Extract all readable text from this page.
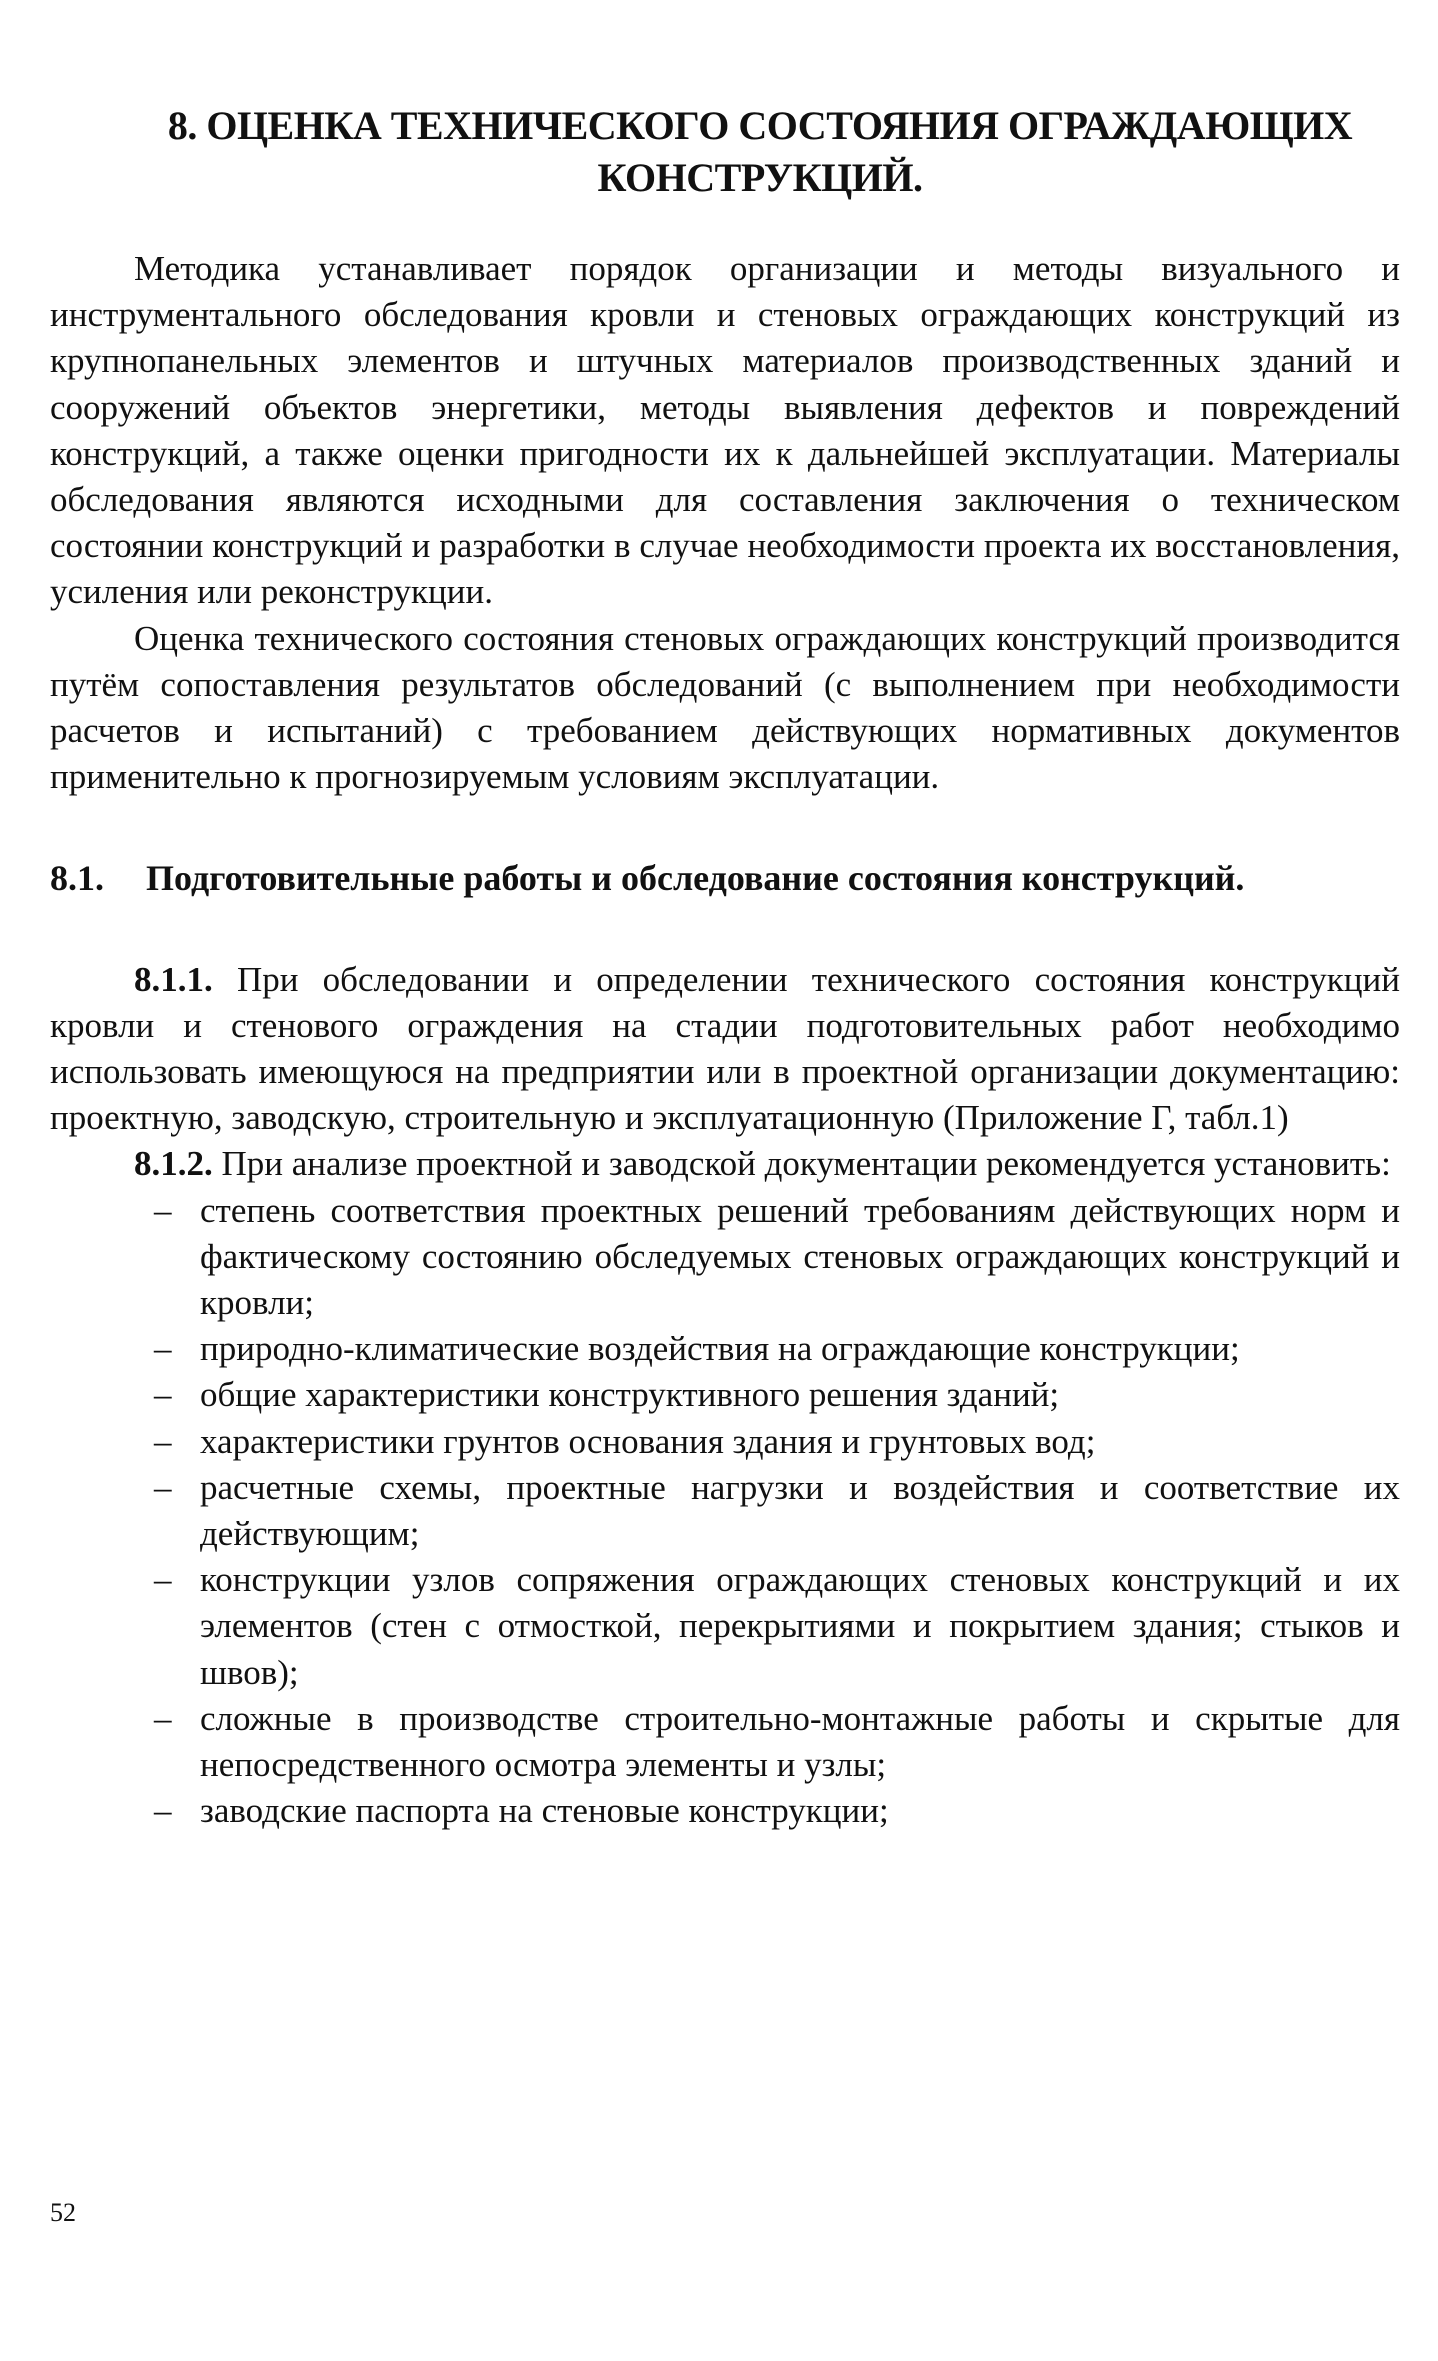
8. ОЦЕНКА ТЕХНИЧЕСКОГО СОСТОЯНИЯ ОГРАЖДАЮЩИХ
КОНСТРУКЦИЙ.

Методика устанавливает порядок организации и методы визуального и инструментального обследования кровли и стеновых ограждающих конструкций из крупнопанельных элементов и штучных материалов производственных зданий и сооружений объектов энергетики, методы выявления дефектов и повреждений конструкций, а также оценки пригодности их к дальнейшей эксплуатации. Материалы обследования являются исходными для составления заключения о техническом состоянии конструкций и разработки в случае необходимости проекта их восстановления, усиления или реконструкции.

Оценка технического состояния стеновых ограждающих конструкций производится путём сопоставления результатов обследований (с выполнением при необходимости расчетов и испытаний) с требованием действующих нормативных документов применительно к прогнозируемым условиям эксплуатации.

8.1. Подготовительные работы и обследование состояния конструкций.

8.1.1. При обследовании и определении технического состояния конструкций кровли и стенового ограждения на стадии подготовительных работ необходимо использовать имеющуюся на предприятии или в проектной организации документацию: проектную, заводскую, строительную и эксплуатационную (Приложение Г, табл.1)

8.1.2. При анализе проектной и заводской документации рекомендуется установить:

– степень соответствия проектных решений требованиям действующих норм и фактическому состоянию обследуемых стеновых ограждающих конструкций и кровли;
– природно-климатические воздействия на ограждающие конструкции;
– общие характеристики конструктивного решения зданий;
– характеристики грунтов основания здания и грунтовых вод;
– расчетные схемы, проектные нагрузки и воздействия и соответствие их действующим;
– конструкции узлов сопряжения ограждающих стеновых конструкций и их элементов (стен с отмосткой, перекрытиями и покрытием здания; стыков и швов);
– сложные в производстве строительно-монтажные работы и скрытые для непосредственного осмотра элементы и узлы;
– заводские паспорта на стеновые конструкции;
52
